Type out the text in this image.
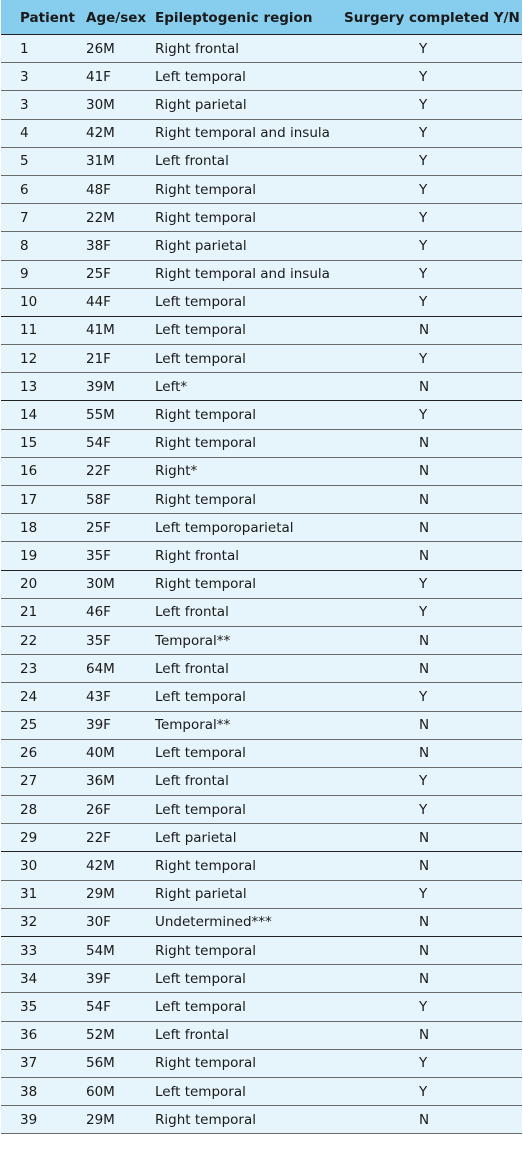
Patient	Age/sex	Epileptogenic region	Surgery completed Y/N
1	26M	Right frontal	Y
3	41F	Left temporal	Y
3	30M	Right parietal	Y
4	42M	Right temporal and insula	Y
5	31M	Left frontal	Y
6	48F	Right temporal	Y
7	22M	Right temporal	Y
8	38F	Right parietal	Y
9	25F	Right temporal and insula	Y
10	44F	Left temporal	Y
11	41M	Left temporal	N
12	21F	Left temporal	Y
13	39M	Left*	N
14	55M	Right temporal	Y
15	54F	Right temporal	N
16	22F	Right*	N
17	58F	Right temporal	N
18	25F	Left temporoparietal	N
19	35F	Right frontal	N
20	30M	Right temporal	Y
21	46F	Left frontal	Y
22	35F	Temporal**	N
23	64M	Left frontal	N
24	43F	Left temporal	Y
25	39F	Temporal**	N
26	40M	Left temporal	N
27	36M	Left frontal	Y
28	26F	Left temporal	Y
29	22F	Left parietal	N
30	42M	Right temporal	N
31	29M	Right parietal	Y
32	30F	Undetermined***	N
33	54M	Right temporal	N
34	39F	Left temporal	N
35	54F	Left temporal	Y
36	52M	Left frontal	N
37	56M	Right temporal	Y
38	60M	Left temporal	Y
39	29M	Right temporal	N
